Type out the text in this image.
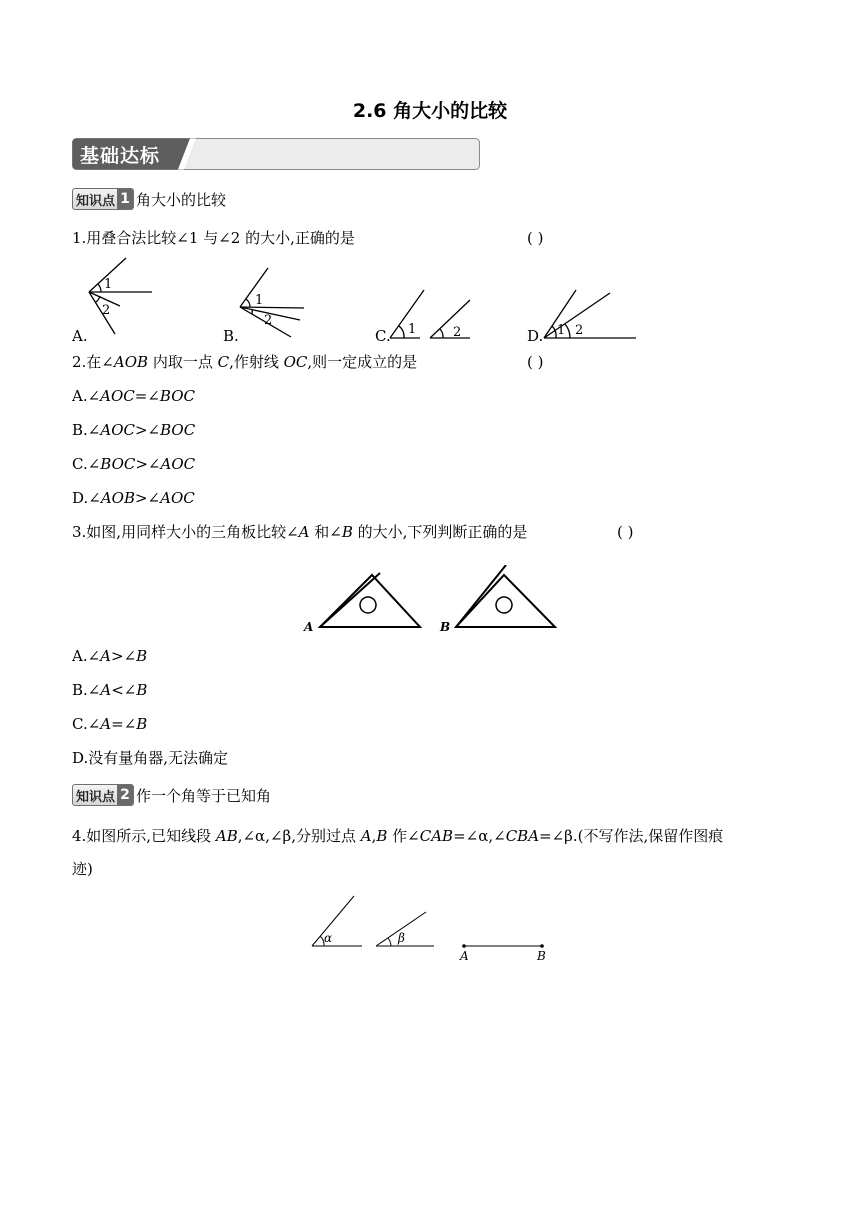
2.6 角大小的比较
基础达标
知识点 1 角大小的比较
1.用叠合法比较∠1 与∠2 的大小,正确的是	( )
1
2
1
2
1	2	1 2
A.	B.	C.	D.
2.在∠AOB 内取一点 C,作射线 OC,则一定成立的是	( )
A.∠AOC=∠BOC
B.∠AOC>∠BOC
C.∠BOC>∠AOC
D.∠AOB>∠AOC
3.如图,用同样大小的三角板比较∠A 和∠B 的大小,下列判断正确的是	( )
A	B
A.∠A>∠B
B.∠A<∠B
C.∠A=∠B
D.没有量角器,无法确定
知识点 2 作一个角等于已知角
4.如图所示,已知线段 AB,∠α,∠β,分别过点 A,B 作∠CAB=∠α,∠CBA=∠β.(不写作法,保留作图痕
迹)
α	β
A	B
